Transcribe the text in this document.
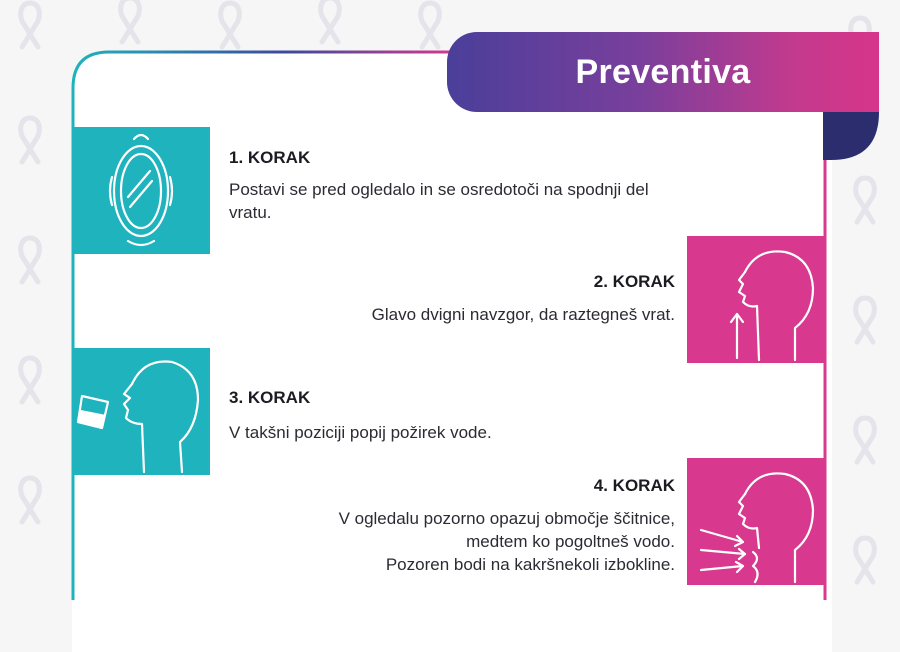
Preventiva
1. KORAK
Postavi se pred ogledalo in se osredotoči na spodnji del vratu.
2. KORAK
Glavo dvigni navzgor, da raztegneš vrat.
3. KORAK
V takšni poziciji popij požirek vode.
4. KORAK
V ogledalu pozorno opazuj območje ščitnice,
medtem ko pogoltneš vodo.
Pozoren bodi na kakršnekoli izbokline.
